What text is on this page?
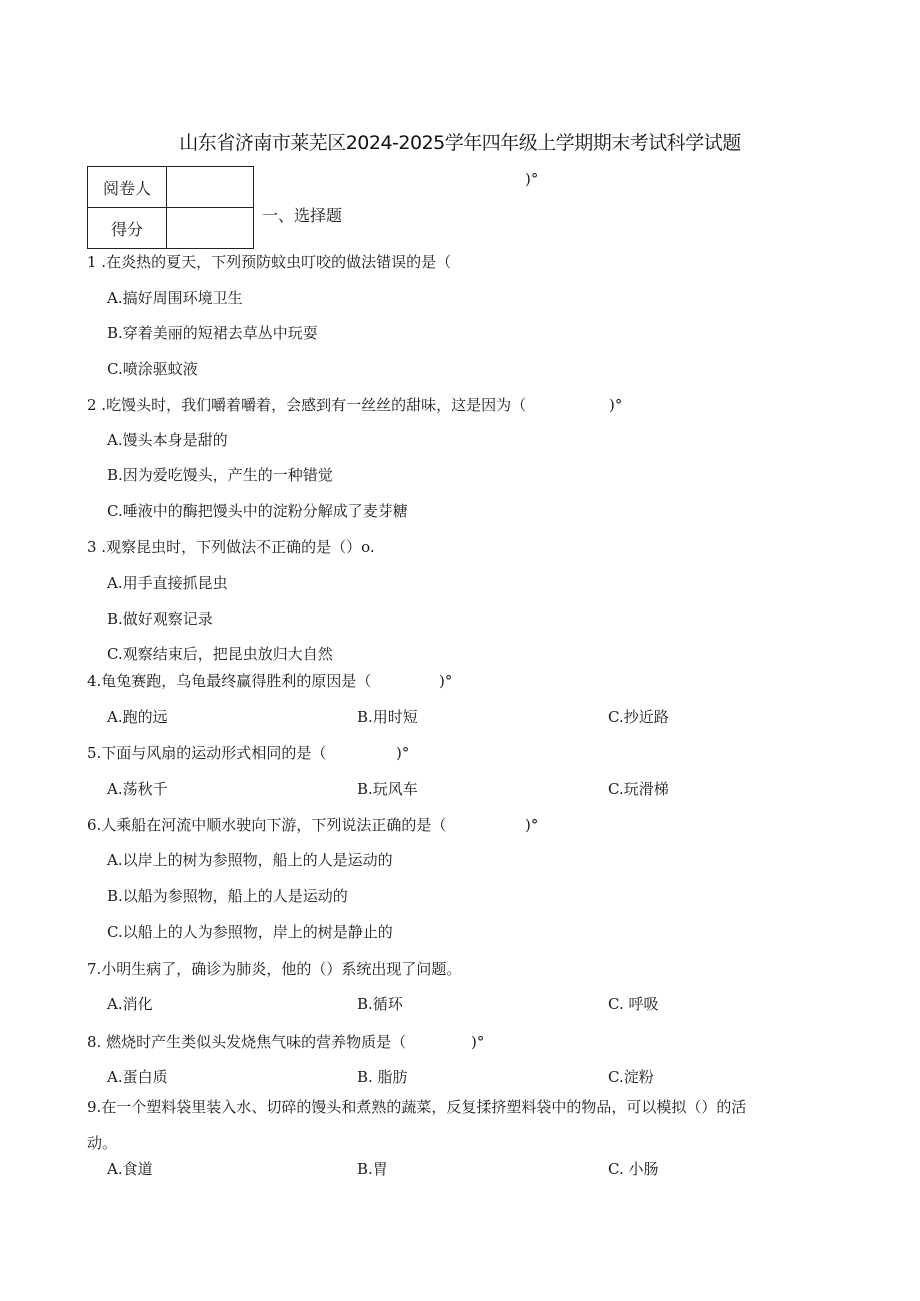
山东省济南市莱芜区2024-2025学年四年级上学期期末考试科学试题
阅卷人	
得分	
)°
一、选择题
1 .在炎热的夏天，下列预防蚊虫叮咬的做法错误的是（
A.搞好周围环境卫生
B.穿着美丽的短裙去草丛中玩耍
C.喷涂驱蚊液
2 .吃馒头时，我们嚼着嚼着，会感到有一丝丝的甜味，这是因为（	)°
A.馒头本身是甜的
B.因为爱吃馒头，产生的一种错觉
C.唾液中的酶把馒头中的淀粉分解成了麦芽糖
3 .观察昆虫时，下列做法不正确的是（）o.
A.用手直接抓昆虫
B.做好观察记录
C.观察结束后，把昆虫放归大自然
4.龟兔赛跑，乌龟最终赢得胜利的原因是（	)°
A.跑的远	B.用时短	C.抄近路
5.下面与风扇的运动形式相同的是（	)°
A.荡秋千	B.玩风车	C.玩滑梯
6.人乘船在河流中顺水驶向下游，下列说法正确的是（	)°
A.以岸上的树为参照物，船上的人是运动的
B.以船为参照物，船上的人是运动的
C.以船上的人为参照物，岸上的树是静止的
7.小明生病了，确诊为肺炎，他的（）系统出现了问题。
A.消化	B.循环	C. 呼吸
8. 燃烧时产生类似头发烧焦气味的营养物质是（	)°
A.蛋白质	B. 脂肪	C.淀粉
9.在一个塑料袋里装入水、切碎的馒头和煮熟的蔬菜，反复揉挤塑料袋中的物品，可以模拟（）的活
动。
A.食道	B.胃	C. 小肠
